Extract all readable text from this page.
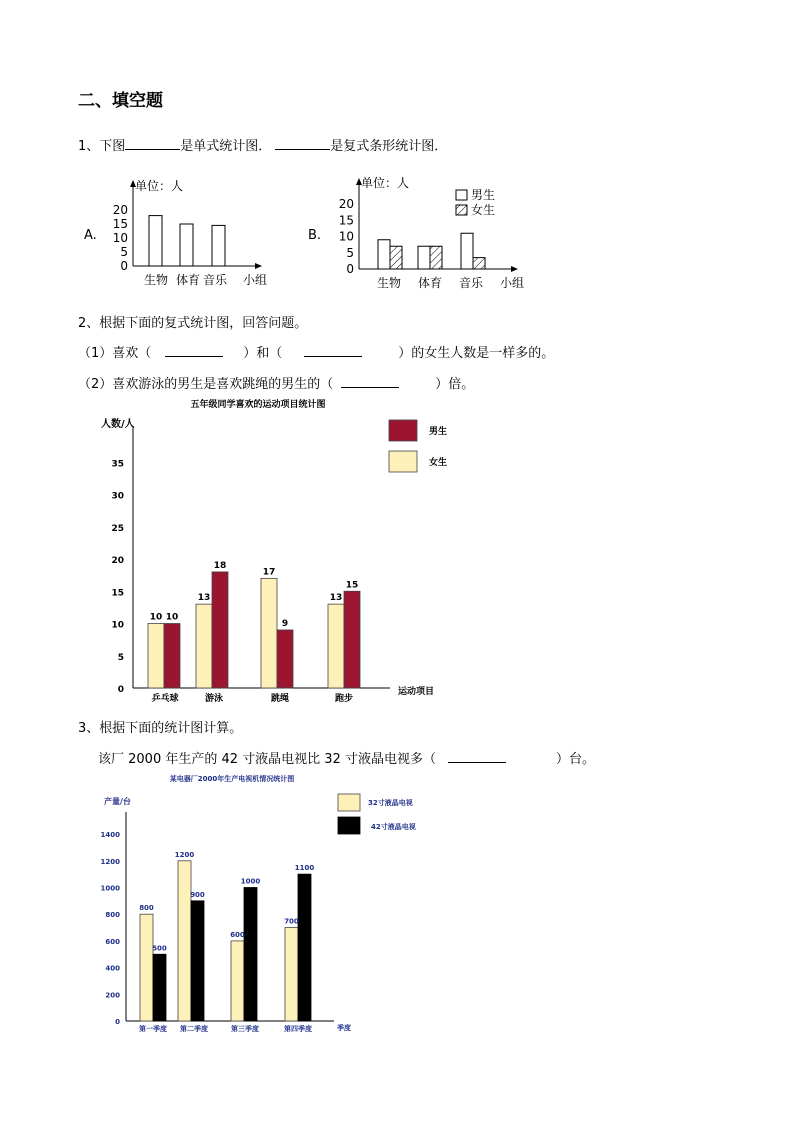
二、填空题
1、下图	是单式统计图．	是复式条形统计图．
A.
0
5
10
15
20
单位：人
小组
生物 体育 音乐
B.
0
5
10
15
20
单位：人
小组
生物 体育 音乐
男生
女生
2、根据下面的复式统计图，回答问题。
（1）喜欢（	）和（	）的女生人数是一样多的。
（2）喜欢游泳的男生是喜欢跳绳的男生的（	）倍。
五年级同学喜欢的运动项目统计图
人数/人
0
5
10
15
20
25
30
35
运动项目
10 10
乒乓球
13
18
游泳
17
9
跳绳
13
15
跑步
男生
女生
3、根据下面的统计图计算。
该厂 2000 年生产的 42 寸液晶电视比 32 寸液晶电视多（	）台。
某电器厂2000年生产电视机情况统计图
产量/台
0
200
400
600
800
1000
1200
1400
季度
800
500
第一季度
1200
900
第二季度
600
1000
第三季度
700
1100
第四季度
32寸液晶电视
42寸液晶电视
